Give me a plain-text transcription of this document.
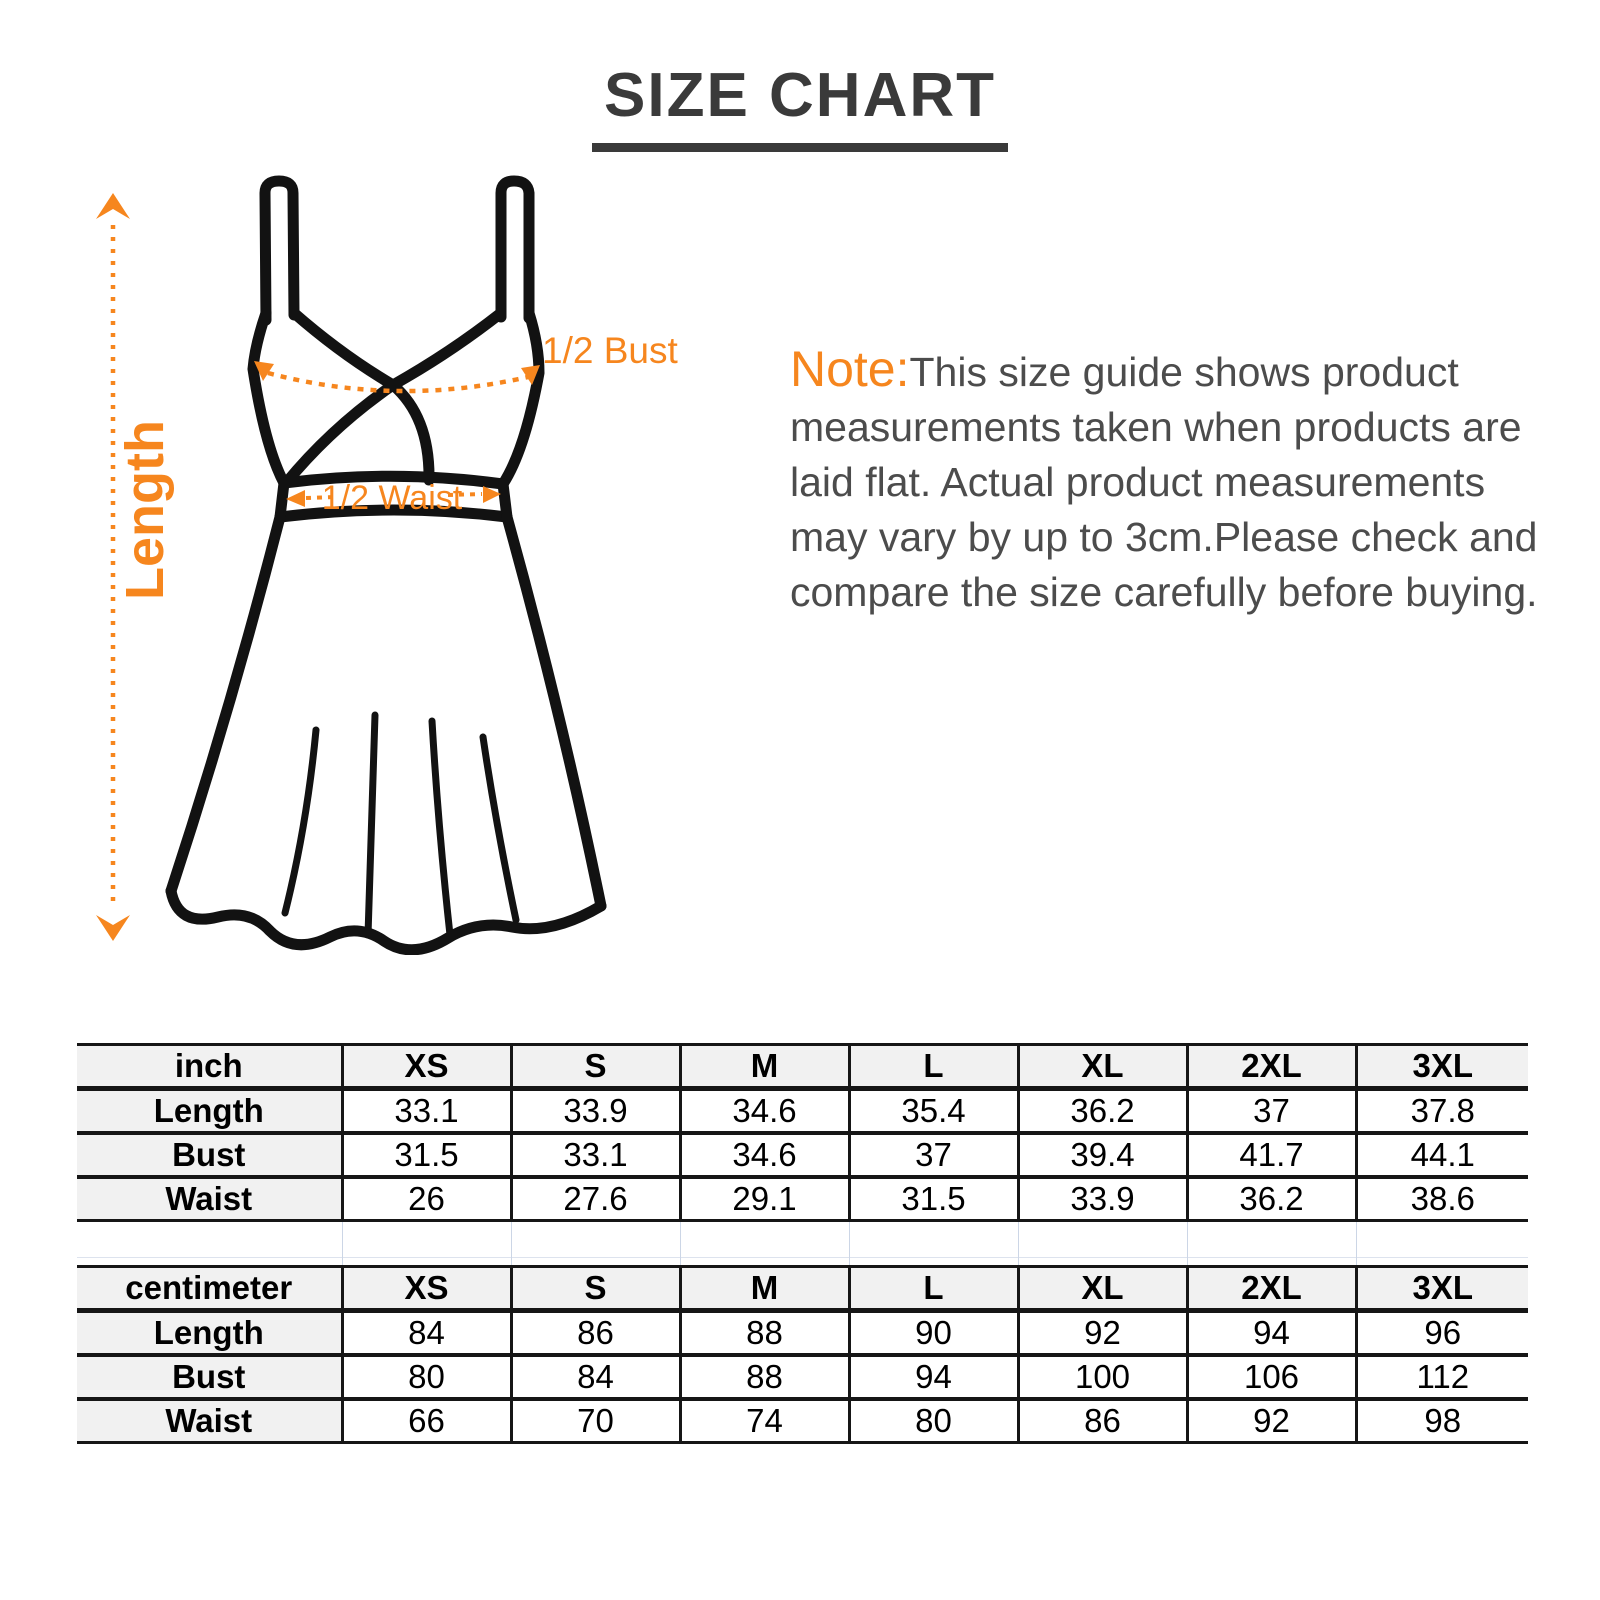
SIZE CHART
Length
1/2 Bust
1/2 Waist
Note:This size guide shows product
measurements taken when products are
laid flat. Actual product measurements
may vary by up to 3cm.Please check and
compare the size carefully before buying.
inch	XS	S	M	L	XL	2XL	3XL
Length	33.1	33.9	34.6	35.4	36.2	37	37.8
Bust	31.5	33.1	34.6	37	39.4	41.7	44.1
Waist	26	27.6	29.1	31.5	33.9	36.2	38.6

centimeter	XS	S	M	L	XL	2XL	3XL
Length	84	86	88	90	92	94	96
Bust	80	84	88	94	100	106	112
Waist	66	70	74	80	86	92	98
